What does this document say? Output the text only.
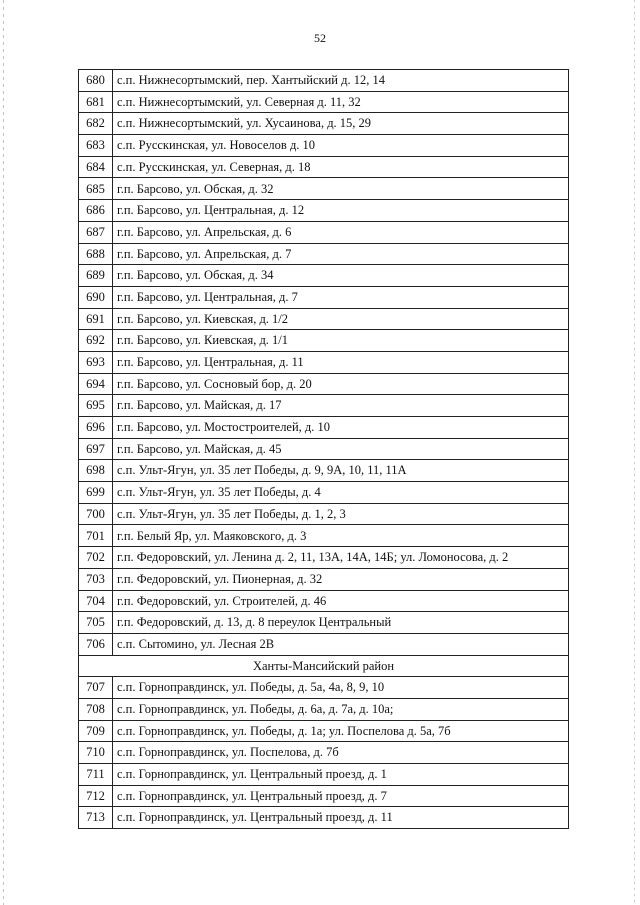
52
680	с.п. Нижнесортымский, пер. Хантыйский д. 12, 14
681	с.п. Нижнесортымский, ул. Северная д. 11, 32
682	с.п. Нижнесортымский, ул. Хусаинова, д. 15, 29
683	с.п. Русскинская, ул. Новоселов д. 10
684	с.п. Русскинская, ул. Северная, д. 18
685	г.п. Барсово, ул. Обская, д. 32
686	г.п. Барсово, ул. Центральная, д. 12
687	г.п. Барсово, ул. Апрельская, д. 6
688	г.п. Барсово, ул. Апрельская, д. 7
689	г.п. Барсово, ул. Обская, д. 34
690	г.п. Барсово, ул. Центральная, д. 7
691	г.п. Барсово, ул. Киевская, д. 1/2
692	г.п. Барсово, ул. Киевская, д. 1/1
693	г.п. Барсово, ул. Центральная, д. 11
694	г.п. Барсово, ул. Сосновый бор, д. 20
695	г.п. Барсово, ул. Майская, д. 17
696	г.п. Барсово, ул. Мостостроителей, д. 10
697	г.п. Барсово, ул. Майская, д. 45
698	с.п. Ульт-Ягун, ул. 35 лет Победы, д. 9, 9А, 10, 11, 11А
699	с.п. Ульт-Ягун, ул. 35 лет Победы, д. 4
700	с.п. Ульт-Ягун, ул. 35 лет Победы, д. 1, 2, 3
701	г.п. Белый Яр, ул. Маяковского, д. 3
702	г.п. Федоровский, ул. Ленина д. 2, 11, 13А, 14А, 14Б; ул. Ломоносова, д. 2
703	г.п. Федоровский, ул. Пионерная, д. 32
704	г.п. Федоровский, ул. Строителей, д. 46
705	г.п. Федоровский, д. 13, д. 8 переулок Центральный
706	с.п. Сытомино, ул. Лесная 2В
Ханты-Мансийский район	
707	с.п. Горноправдинск, ул. Победы, д. 5а, 4а, 8, 9, 10
708	с.п. Горноправдинск, ул. Победы, д. 6а, д. 7а, д. 10а;
709	с.п. Горноправдинск, ул. Победы, д. 1а; ул. Поспелова д. 5а, 7б
710	с.п. Горноправдинск, ул. Поспелова, д. 7б
711	с.п. Горноправдинск, ул. Центральный проезд, д. 1
712	с.п. Горноправдинск, ул. Центральный проезд, д. 7
713	с.п. Горноправдинск, ул. Центральный проезд, д. 11
